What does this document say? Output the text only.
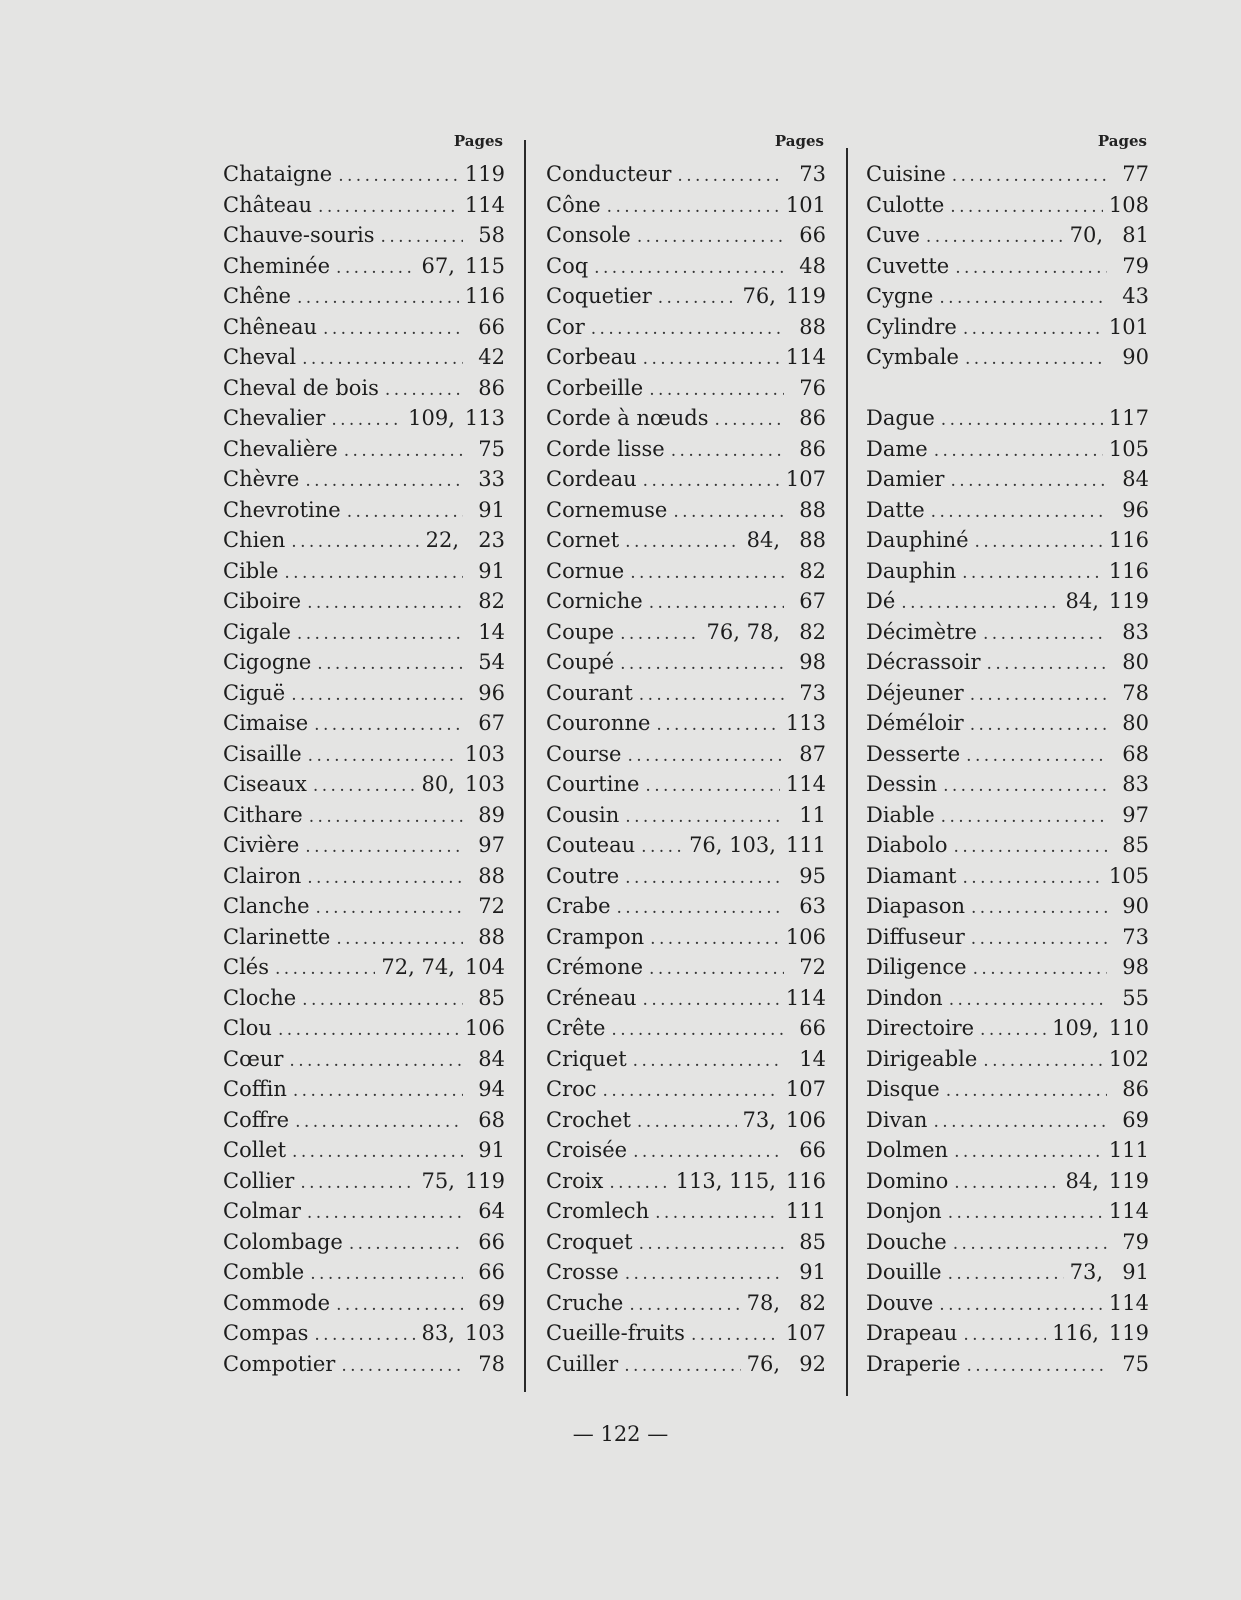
Pages
Chataigne . . .	119
Château . . .	114
Chauve-souris . . .	58
Cheminée . . .	67, 115
Chêne . . .	116
Chêneau . . .	66
Cheval . . .	42
Cheval de bois . . .	86
Chevalier . . .	109, 113
Chevalière . . .	75
Chèvre . . .	33
Chevrotine . . .	91
Chien . . .	22, 23
Cible . . .	91
Ciboire . . .	82
Cigale . . .	14
Cigogne . . .	54
Ciguë . . .	96
Cimaise . . .	67
Cisaille . . .	103
Ciseaux . . .	80, 103
Cithare . . .	89
Civière . . .	97
Clairon . . .	88
Clanche . . .	72
Clarinette . . .	88
Clés . . .	72, 74, 104
Cloche . . .	85
Clou . . .	106
Cœur . . .	84
Coffin . . .	94
Coffre . . .	68
Collet . . .	91
Collier . . .	75, 119
Colmar . . .	64
Colombage . . .	66
Comble . . .	66
Commode . . .	69
Compas . . .	83, 103
Compotier . . .	78
Pages
Conducteur . . .	73
Cône . . .	101
Console . . .	66
Coq . . .	48
Coquetier . . .	76, 119
Cor . . .	88
Corbeau . . .	114
Corbeille . . .	76
Corde à nœuds . . .	86
Corde lisse . . .	86
Cordeau . . .	107
Cornemuse . . .	88
Cornet . . .	84, 88
Cornue . . .	82
Corniche . . .	67
Coupe . . .	76, 78, 82
Coupé . . .	98
Courant . . .	73
Couronne . . .	113
Course . . .	87
Courtine . . .	114
Cousin . . .	11
Couteau . . .	76, 103, 111
Coutre . . .	95
Crabe . . .	63
Crampon . . .	106
Crémone . . .	72
Créneau . . .	114
Crête . . .	66
Criquet . . .	14
Croc . . .	107
Crochet . . .	73, 106
Croisée . . .	66
Croix . . .	113, 115, 116
Cromlech . . .	111
Croquet . . .	85
Crosse . . .	91
Cruche . . .	78, 82
Cueille-fruits . . .	107
Cuiller . . .	76, 92
Pages
Cuisine . . .	77
Culotte . . .	108
Cuve . . .	70, 81
Cuvette . . .	79
Cygne . . .	43
Cylindre . . .	101
Cymbale . . .	90
Dague . . .	117
Dame . . .	105
Damier . . .	84
Datte . . .	96
Dauphiné . . .	116
Dauphin . . .	116
Dé . . .	84, 119
Décimètre . . .	83
Décrassoir . . .	80
Déjeuner . . .	78
Déméloir . . .	80
Desserte . . .	68
Dessin . . .	83
Diable . . .	97
Diabolo . . .	85
Diamant . . .	105
Diapason . . .	90
Diffuseur . . .	73
Diligence . . .	98
Dindon . . .	55
Directoire . . .	109, 110
Dirigeable . . .	102
Disque . . .	86
Divan . . .	69
Dolmen . . .	111
Domino . . .	84, 119
Donjon . . .	114
Douche . . .	79
Douille . . .	73, 91
Douve . . .	114
Drapeau . . .	116, 119
Draperie . . .	75
— 122 —
